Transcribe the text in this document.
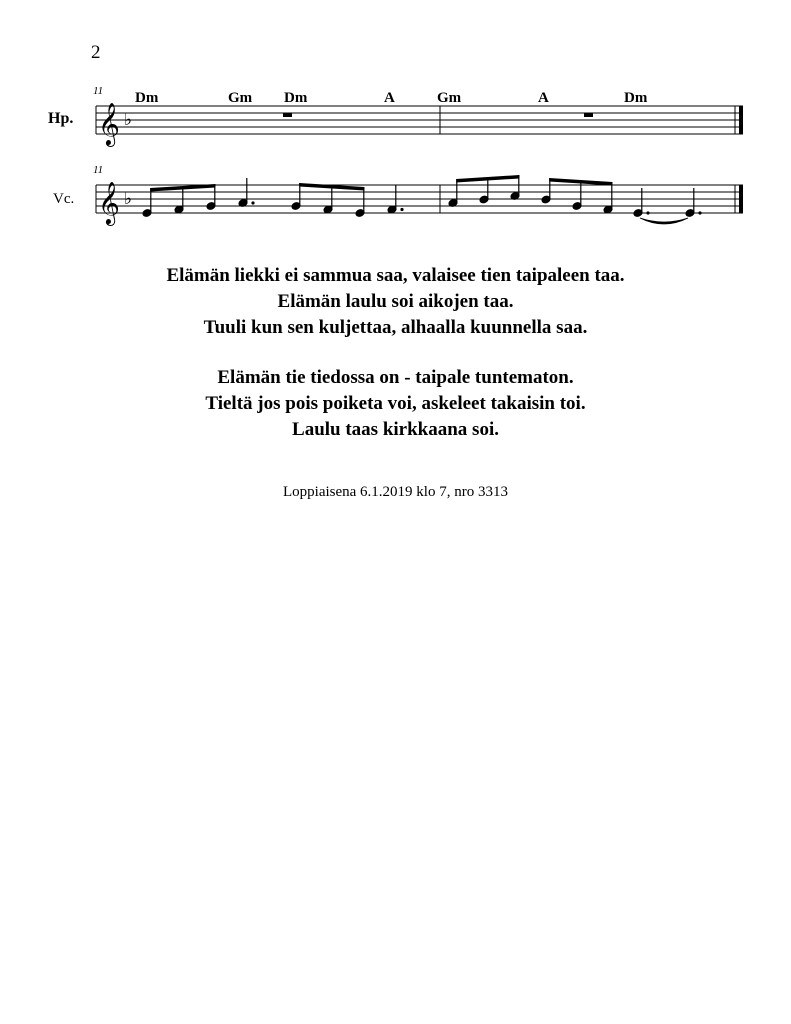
2
11
11
Hp.
Vc.
Dm	Gm Dm	A	Gm	A	Dm
𝄞 ♭
𝄞 ♭
Elämän liekki ei sammua saa, valaisee tien taipaleen taa.
Elämän laulu soi aikojen taa.
Tuuli kun sen kuljettaa, alhaalla kuunnella saa.
Elämän tie tiedossa on - taipale tuntematon.
Tieltä jos pois poiketa voi, askeleet takaisin toi.
Laulu taas kirkkaana soi.
Loppiaisena 6.1.2019 klo 7, nro 3313
